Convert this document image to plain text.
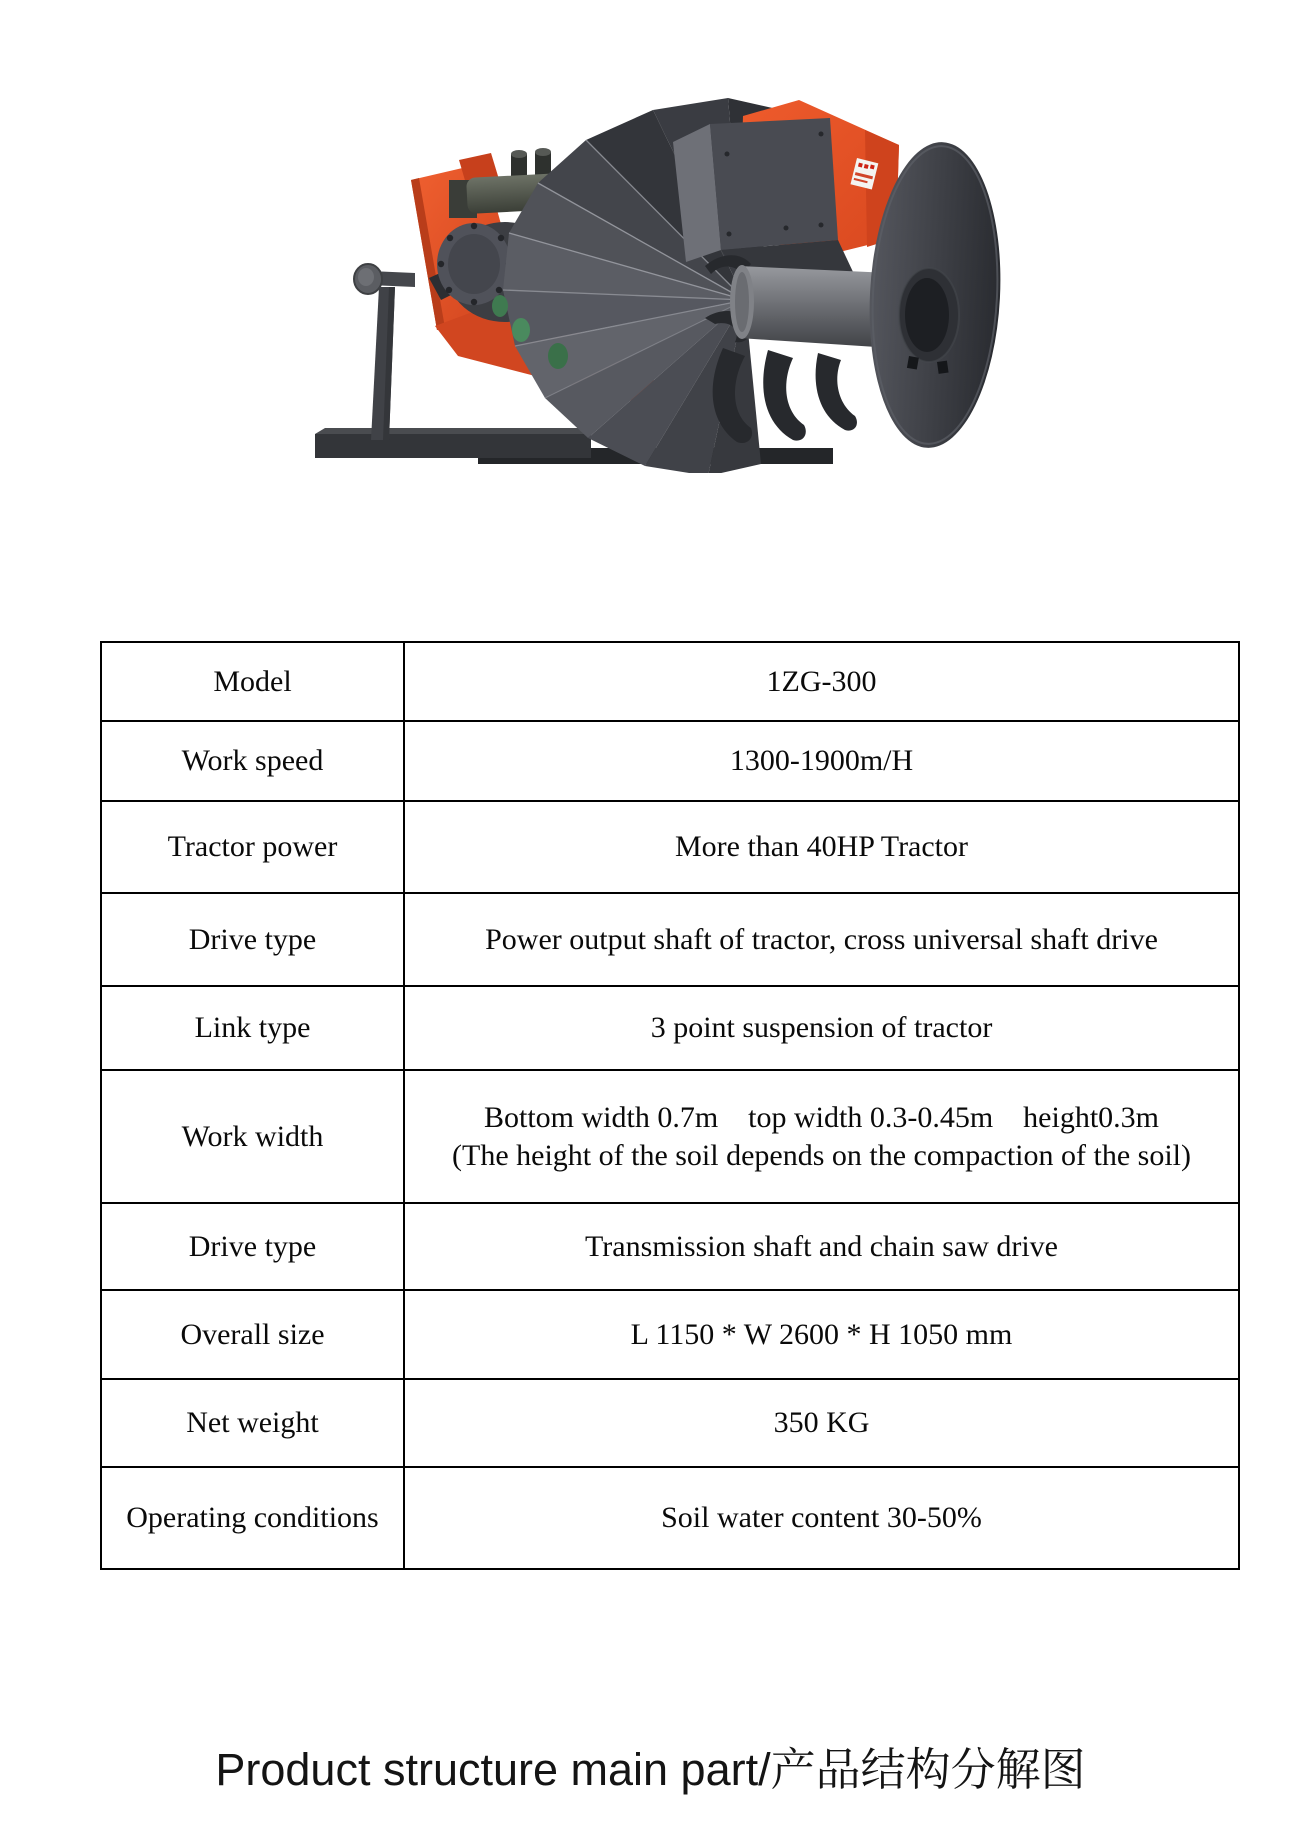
Model	1ZG-300
Work speed	1300-1900m/H
Tractor power	More than 40HP Tractor
Drive type	Power output shaft of tractor, cross universal shaft drive
Link type	3 point suspension of tractor
Work width	Bottom width 0.7m    top width 0.3-0.45m    height0.3m
(The height of the soil depends on the compaction of the soil)

Drive type	Transmission shaft and chain saw drive
Overall size	L 1150 * W 2600 * H 1050 mm
Net weight	350 KG
Operating conditions	Soil water content 30-50%
Product structure main part/产品结构分解图
